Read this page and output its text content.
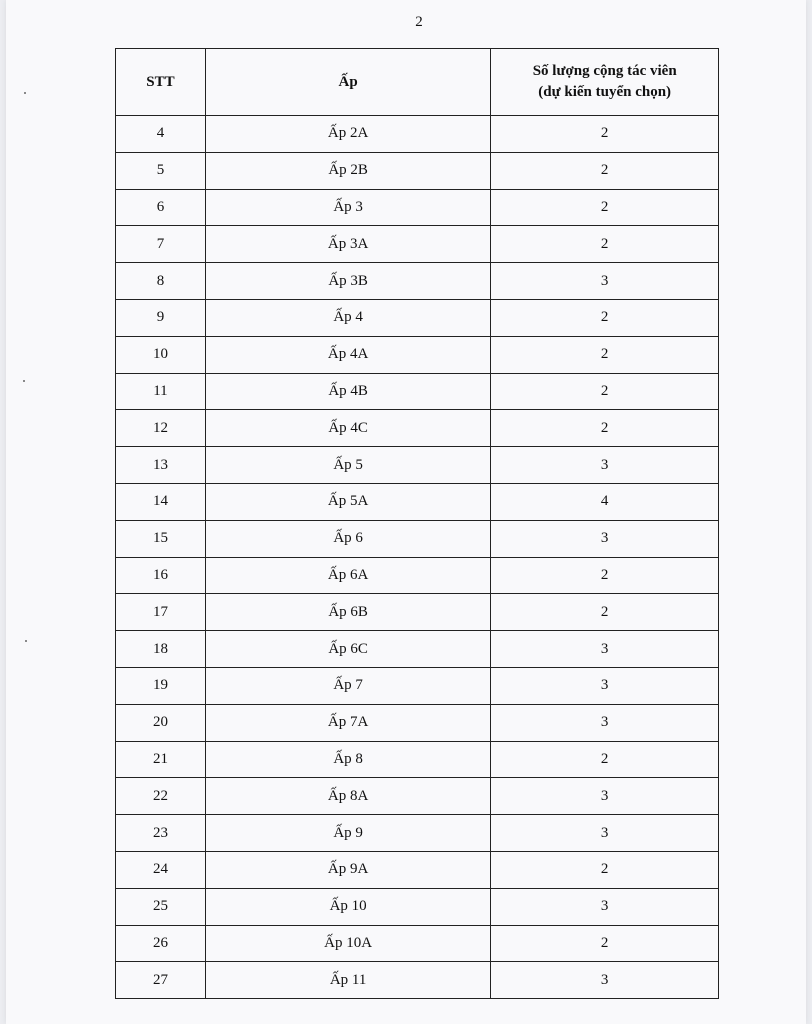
2
STT	Ấp	Số lượng cộng tác viên
(dự kiến tuyển chọn)
4	Ấp 2A	2
5	Ấp 2B	2
6	Ấp 3	2
7	Ấp 3A	2
8	Ấp 3B	3
9	Ấp 4	2
10	Ấp 4A	2
11	Ấp 4B	2
12	Ấp 4C	2
13	Ấp 5	3
14	Ấp 5A	4
15	Ấp 6	3
16	Ấp 6A	2
17	Ấp 6B	2
18	Ấp 6C	3
19	Ấp 7	3
20	Ấp 7A	3
21	Ấp 8	2
22	Ấp 8A	3
23	Ấp 9	3
24	Ấp 9A	2
25	Ấp 10	3
26	Ấp 10A	2
27	Ấp 11	3
